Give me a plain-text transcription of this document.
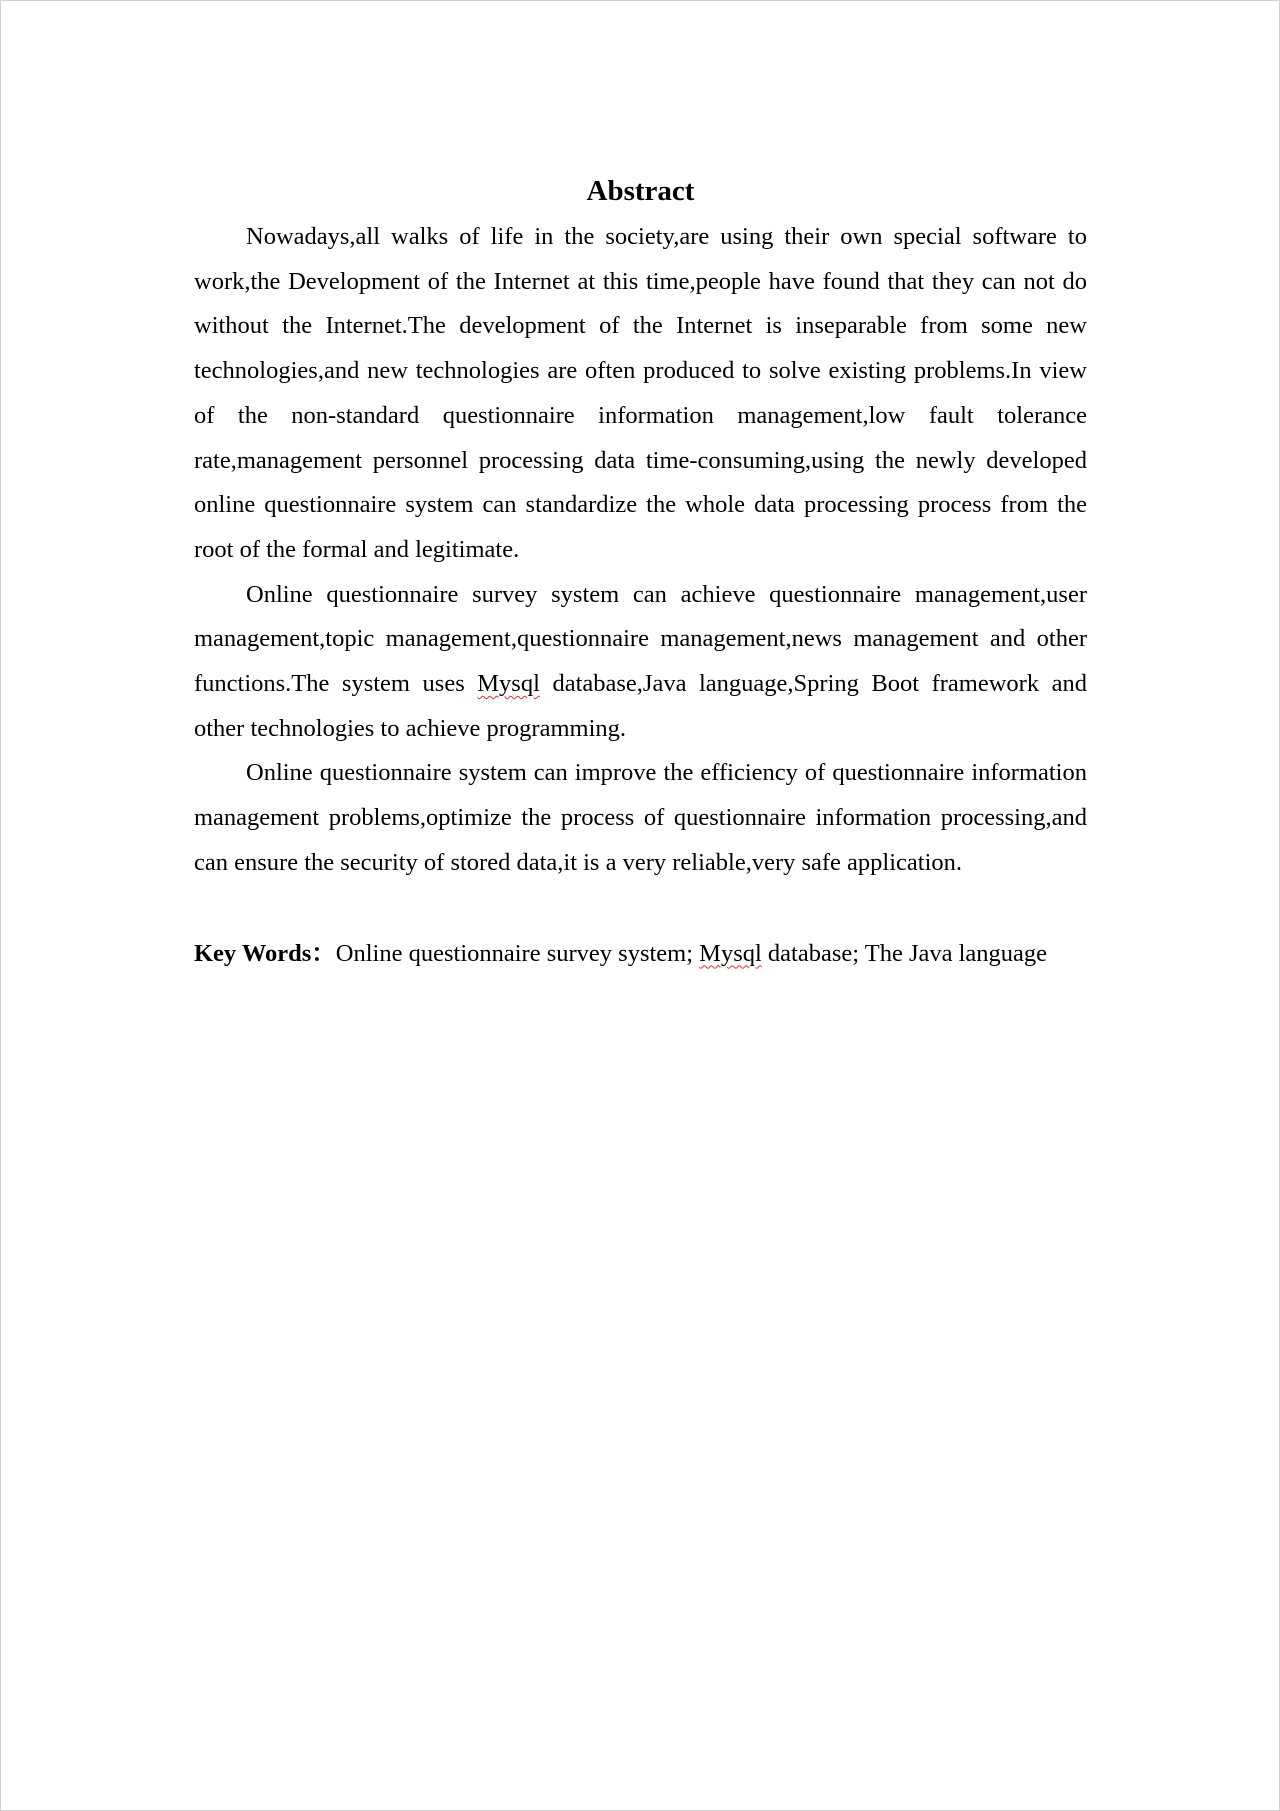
Abstract

Nowadays,all walks of life in the society,are using their own special software to work,the Development of the Internet at this time,people have found that they can not do without the Internet.The development of the Internet is inseparable from some new technologies,and new technologies are often produced to solve existing problems.In view of the non-standard questionnaire information management,low fault tolerance rate,management personnel processing data time-consuming,using the newly developed online questionnaire system can standardize the whole data processing process from the root of the formal and legitimate.

Online questionnaire survey system can achieve questionnaire management,user management,topic management,questionnaire management,news management and other functions.The system uses Mysql database,Java language,Spring Boot framework and other technologies to achieve programming.

Online questionnaire system can improve the efficiency of questionnaire information management problems,optimize the process of questionnaire information processing,and can ensure the security of stored data,it is a very reliable,very safe application.

Key Words：Online questionnaire survey system; Mysql database; The Java language
